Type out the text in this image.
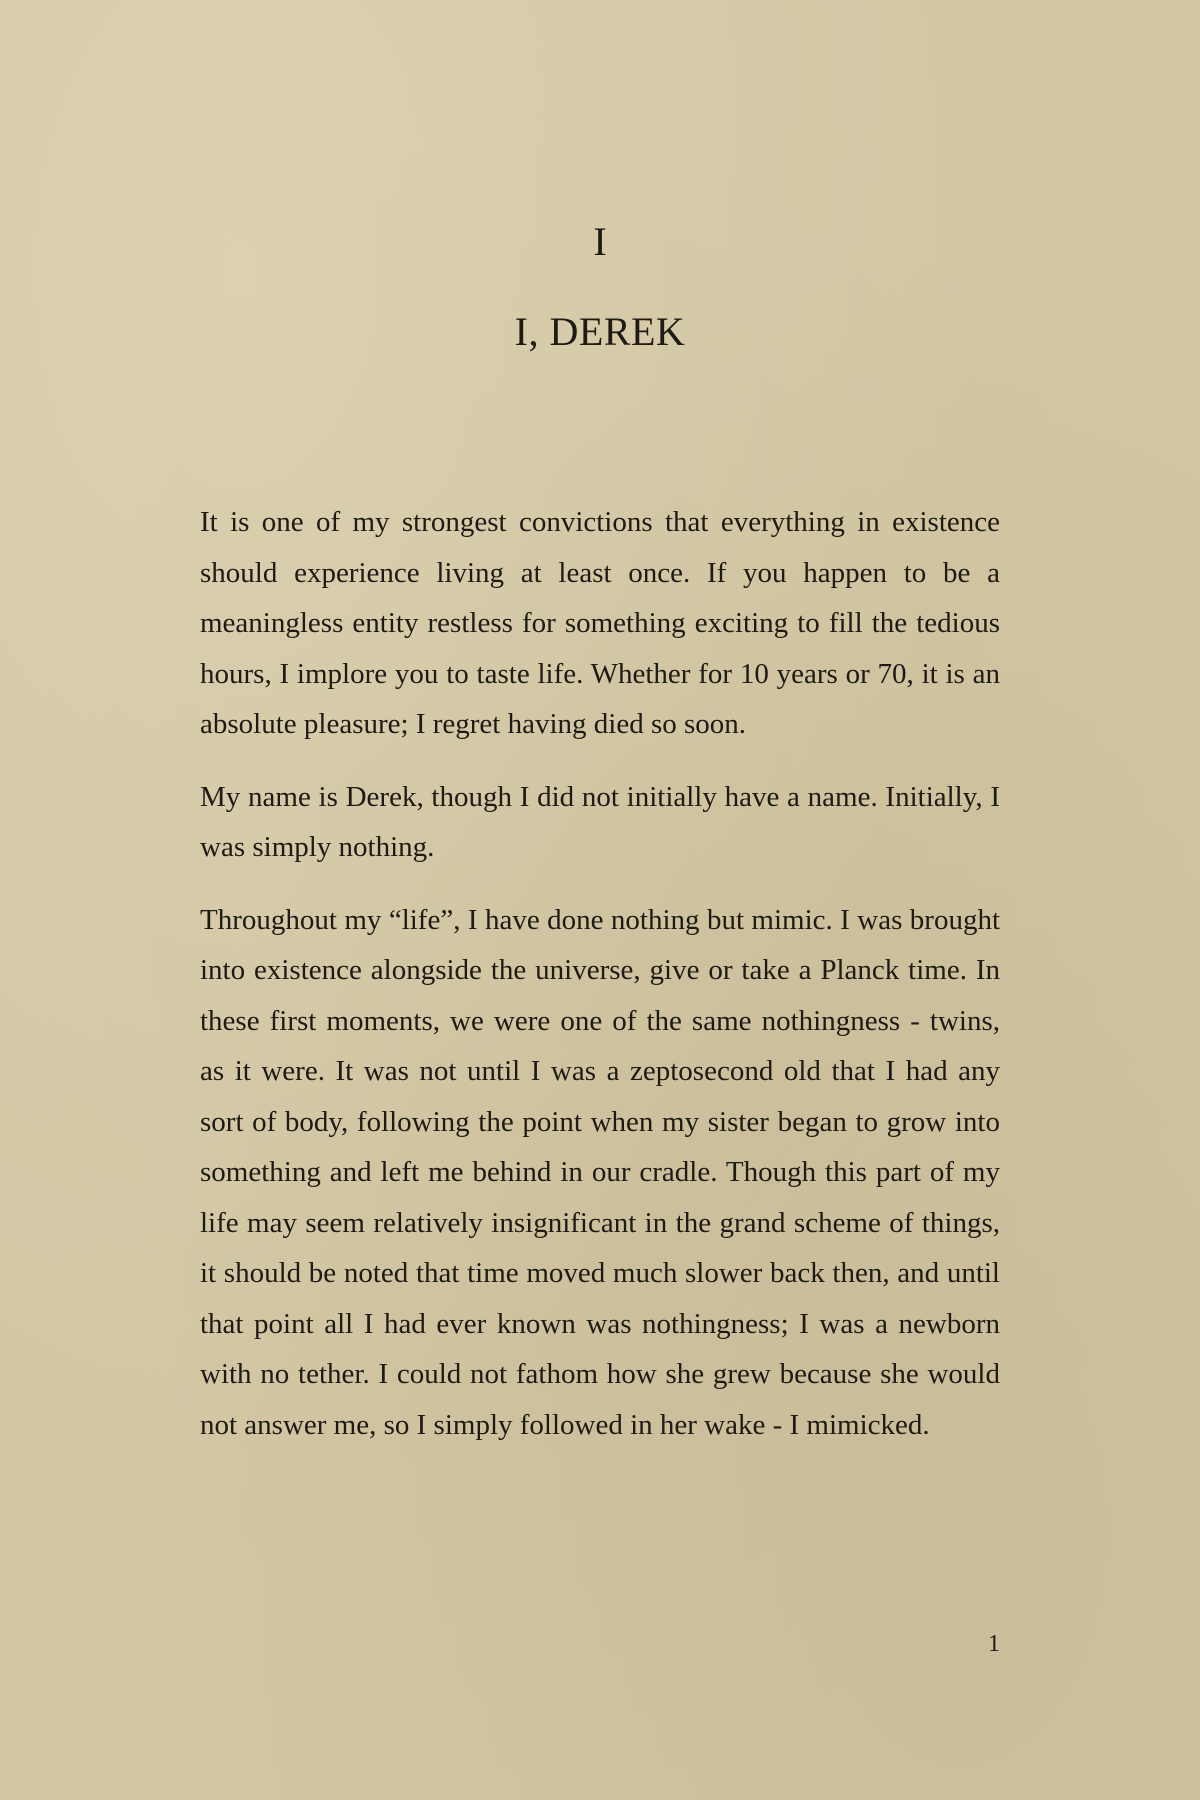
I
I, DEREK

It is one of my strongest convictions that everything in existence should experience living at least once. If you happen to be a meaningless entity restless for something exciting to fill the tedious hours, I implore you to taste life. Whether for 10 years or 70, it is an absolute pleasure; I regret having died so soon.

My name is Derek, though I did not initially have a name. Initially, I was simply nothing.

Throughout my “life”, I have done nothing but mimic. I was brought into existence alongside the universe, give or take a Planck time. In these first moments, we were one of the same nothingness - twins, as it were. It was not until I was a zeptosecond old that I had any sort of body, following the point when my sister began to grow into something and left me behind in our cradle. Though this part of my life may seem relatively insignificant in the grand scheme of things, it should be noted that time moved much slower back then, and until that point all I had ever known was nothingness; I was a newborn with no tether. I could not fathom how she grew because she would not answer me, so I simply followed in her wake - I mimicked.

1
